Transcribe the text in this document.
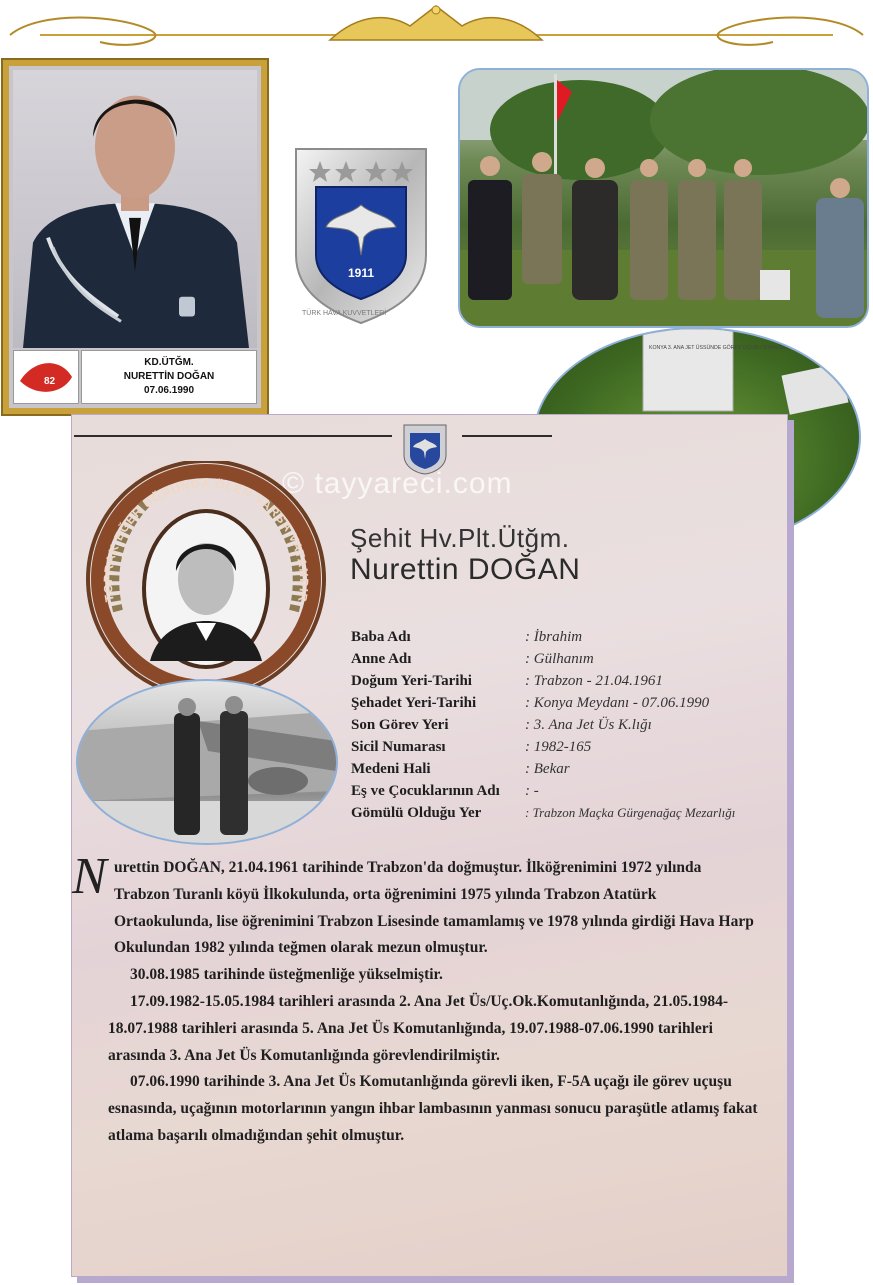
82
KD.ÜTĞM.
NURETTİN DOĞAN
07.06.1990
1911
TÜRK HAVA KUVVETLERİ
KONYA 3. ANA JET ÜSSÜNDE GÖREV UÇUŞU SIRASINDA 7.6.1990 ŞEHİT OLMUŞTUR
© tayyareci.com
TOPRAK EĞER UĞRUNDA ÖLEN VARSA VATANDIR
Şehit Hv.Plt.Ütğm.
Nurettin DOĞAN
Baba Adı	: İbrahim
Anne Adı	: Gülhanım
Doğum Yeri-Tarihi	: Trabzon - 21.04.1961
Şehadet Yeri-Tarihi	: Konya Meydanı - 07.06.1990
Son Görev Yeri	: 3. Ana Jet Üs K.lığı
Sicil Numarası	: 1982-165
Medeni Hali	: Bekar
Eş ve Çocuklarının Adı : -
Gömülü Olduğu Yer	: Trabzon Maçka Gürgenağaç Mezarlığı
N urettin DOĞAN, 21.04.1961 tarihinde Trabzon'da doğmuştur. İlköğrenimini 1972 yılında Trabzon Turanlı köyü İlkokulunda, orta öğrenimini 1975 yılında Trabzon Atatürk Ortaokulunda, lise öğrenimini Trabzon Lisesinde tamamlamış ve 1978 yılında girdiği Hava Harp Okulundan 1982 yılında teğmen olarak mezun olmuştur.

30.08.1985 tarihinde üsteğmenliğe yükselmiştir.

17.09.1982-15.05.1984 tarihleri arasında 2. Ana Jet Üs/Uç.Ok.Komutanlığında, 21.05.1984-18.07.1988 tarihleri arasında 5. Ana Jet Üs Komutanlığında, 19.07.1988-07.06.1990 tarihleri arasında 3. Ana Jet Üs Komutanlığında görevlendirilmiştir.

07.06.1990 tarihinde 3. Ana Jet Üs Komutanlığında görevli iken, F-5A uçağı ile görev uçuşu esnasında, uçağının motorlarının yangın ihbar lambasının yanması sonucu paraşütle atlamış fakat atlama başarılı olmadığından şehit olmuştur.
